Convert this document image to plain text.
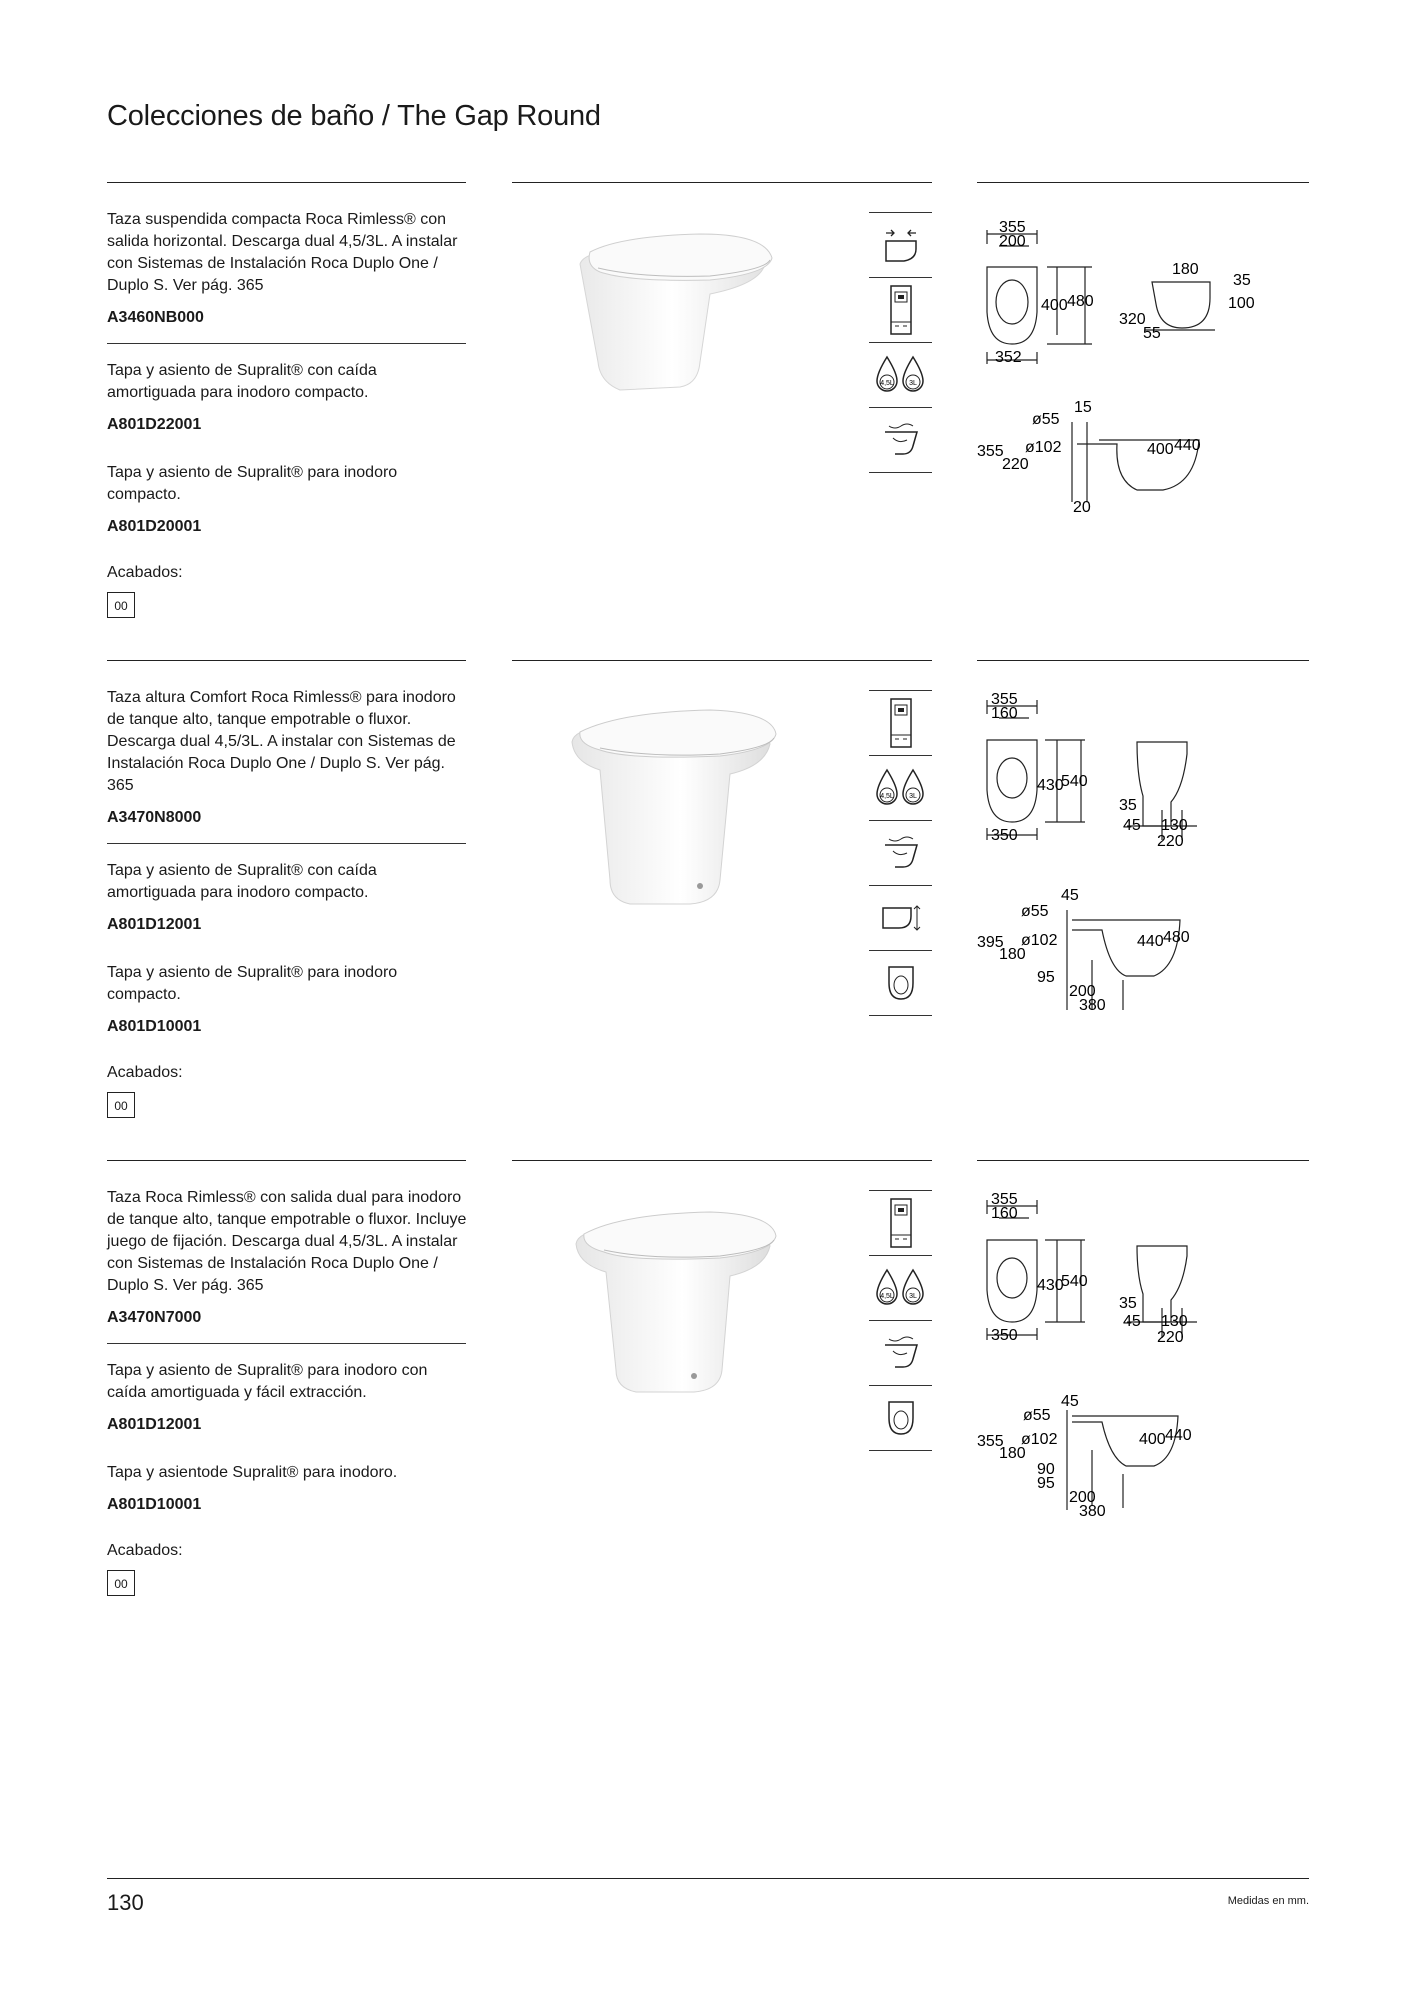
Colecciones de baño / The Gap Round

Taza suspendida compacta Roca Rimless® con salida horizontal. Descarga dual 4,5/3L. A instalar con Sistemas de Instalación Roca Duplo One / Duplo S. Ver pág. 365

A3460NB000

Tapa y asiento de Supralit® con caída amortiguada para inodoro compacto.

A801D22001

Tapa y asiento de Supralit® para inodoro compacto.

A801D20001

Acabados:

00
4,5L 3L
355
200
400 480
352
180
35
100
320
55
15
ø55
355 ø102
220
400 440
20

Taza altura Comfort Roca Rimless® para inodoro de tanque alto, tanque empotrable o fluxor. Descarga dual 4,5/3L. A instalar con Sistemas de Instalación Roca Duplo One / Duplo S. Ver pág. 365

A3470N8000

Tapa y asiento de Supralit® con caída amortiguada para inodoro compacto.

A801D12001

Tapa y asiento de Supralit® para inodoro compacto.

A801D10001

Acabados:

00
4,5L 3L
355
160
430
540
350
35
45 130
220
45
ø55
395 ø102
180
440 480
95
200
380

Taza Roca Rimless® con salida dual para inodoro de tanque alto, tanque empotrable o fluxor. Incluye juego de fijación. Descarga dual 4,5/3L. A instalar con Sistemas de Instalación Roca Duplo One / Duplo S. Ver pág. 365

A3470N7000

Tapa y asiento de Supralit® para inodoro con caída amortiguada y fácil extracción.

A801D12001

Tapa y asientode Supralit® para inodoro.

A801D10001

Acabados:

00
4,5L 3L
355
160
430
540
350
35
45 130
220
45
ø55
355 ø102
180
400 440
90
95
200
380
130	Medidas en mm.
